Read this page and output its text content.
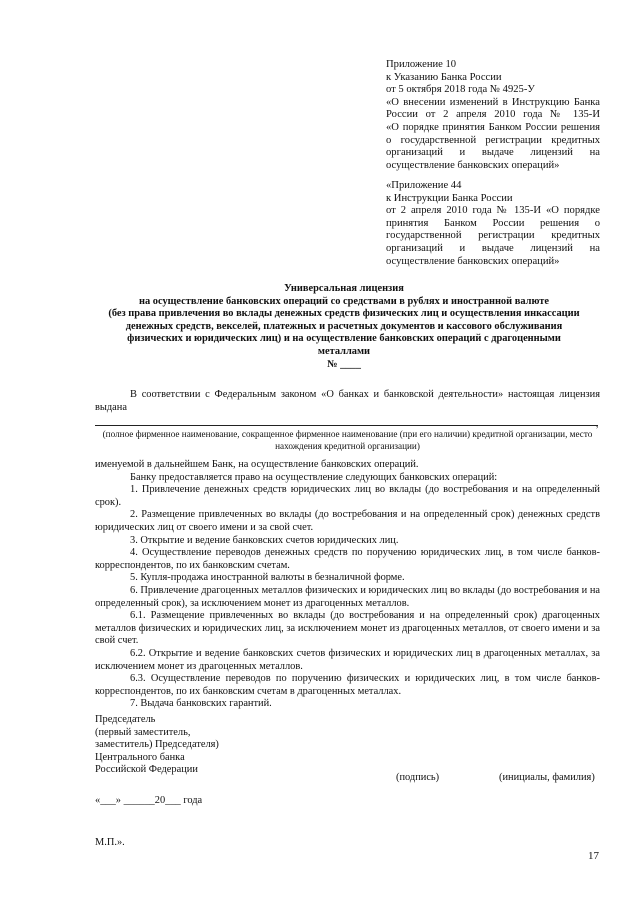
Приложение 10
к Указанию Банка России
от 5 октября 2018 года № 4925-У
«О внесении изменений в Инструкцию Банка
России от 2 апреля 2010 года № 135-И
«О порядке принятия Банком России решения
о государственной регистрации кредитных
организаций и выдаче лицензий на
осуществление банковских операций»
«Приложение 44
к Инструкции Банка России
от 2 апреля 2010 года № 135-И «О порядке
принятия Банком России решения о
государственной регистрации кредитных
организаций и выдаче лицензий на
осуществление банковских операций»
Универсальная лицензия
на осуществление банковских операций со средствами в рублях и иностранной валюте
(без права привлечения во вклады денежных средств физических лиц и осуществления инкассации
денежных средств, векселей, платежных и расчетных документов и кассового обслуживания
физических и юридических лиц) и на осуществление банковских операций с драгоценными
металлами
№ ____

В соответствии с Федеральным законом «О банках и банковской деятельности» настоящая лицензия выдана

,
(полное фирменное наименование, сокращенное фирменное наименование (при его наличии) кредитной организации, место нахождения кредитной организации)

именуемой в дальнейшем Банк, на осуществление банковских операций.

Банку предоставляется право на осуществление следующих банковских операций:

1. Привлечение денежных средств юридических лиц во вклады (до востребования и на определенный срок).

2. Размещение привлеченных во вклады (до востребования и на определенный срок) денежных средств юридических лиц от своего имени и за свой счет.

3. Открытие и ведение банковских счетов юридических лиц.

4. Осуществление переводов денежных средств по поручению юридических лиц, в том числе банков-корреспондентов, по их банковским счетам.

5. Купля-продажа иностранной валюты в безналичной форме.

6. Привлечение драгоценных металлов физических и юридических лиц во вклады (до востребования и на определенный срок), за исключением монет из драгоценных металлов.

6.1. Размещение привлеченных во вклады (до востребования и на определенный срок) драгоценных металлов физических и юридических лиц, за исключением монет из драгоценных металлов, от своего имени и за свой счет.

6.2. Открытие и ведение банковских счетов физических и юридических лиц в драгоценных металлах, за исключением монет из драгоценных металлов.

6.3. Осуществление переводов по поручению физических и юридических лиц, в том числе банков-корреспондентов, по их банковским счетам в драгоценных металлах.

7. Выдача банковских гарантий.

Председатель
(первый заместитель,
заместитель) Председателя)
Центрального банка
Российской Федерации
(подпись)	(инициалы, фамилия)
«___» ______20___ года
М.П.».
17
